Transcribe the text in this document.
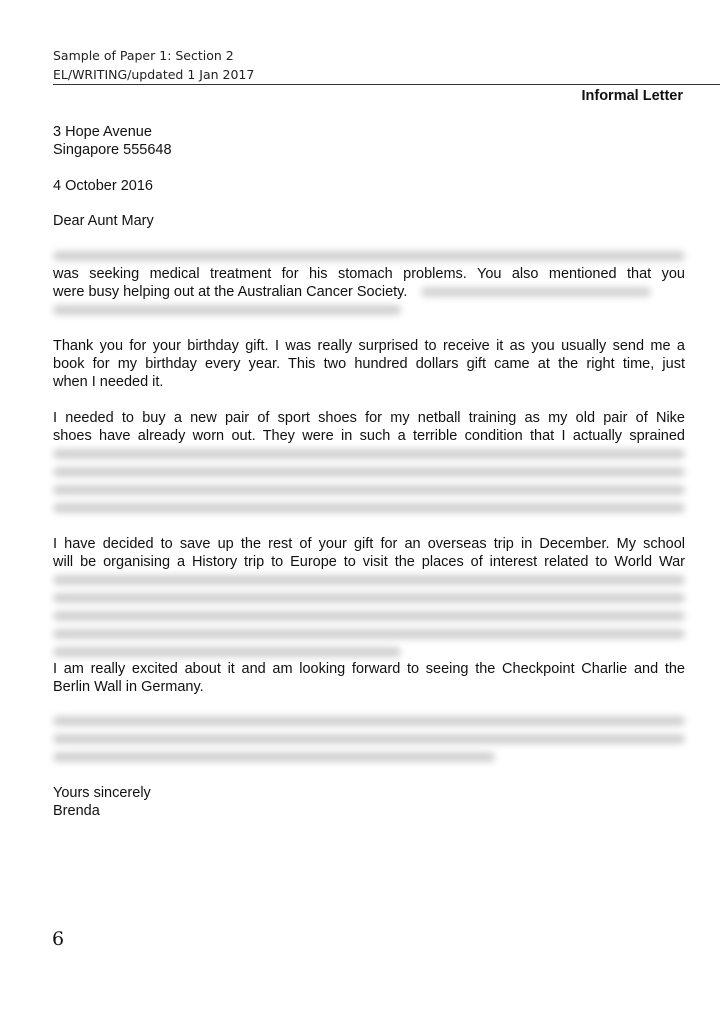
Sample of Paper 1: Section 2
EL/WRITING/updated 1 Jan 2017
Informal Letter
3 Hope Avenue
Singapore 555648
4 October 2016
Dear Aunt Mary
was seeking medical treatment for his stomach problems. You also mentioned that you
were busy helping out at the Australian Cancer Society.
Thank you for your birthday gift. I was really surprised to receive it as you usually send me a
book for my birthday every year. This two hundred dollars gift came at the right time, just
when I needed it.
I needed to buy a new pair of sport shoes for my netball training as my old pair of Nike
shoes have already worn out. They were in such a terrible condition that I actually sprained
I have decided to save up the rest of your gift for an overseas trip in December. My school
will be organising a History trip to Europe to visit the places of interest related to World War
I am really excited about it and am looking forward to seeing the Checkpoint Charlie and the
Berlin Wall in Germany.
Yours sincerely
Brenda
6
